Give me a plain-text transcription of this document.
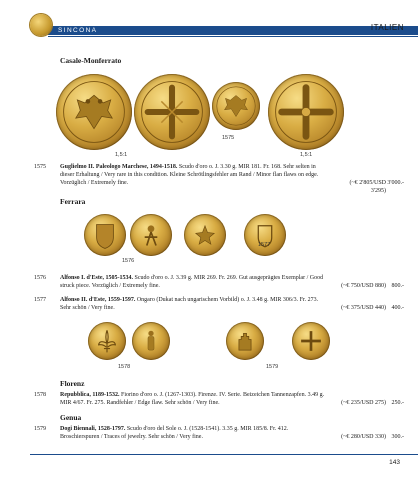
SINCONA	ITALIEN
Casale-Monferrato
1575
1,5:1	1,5:1
1575	Guglielmo II. Paleologo Marchese, 1494-1518. Scudo d'oro o. J. 3.30 g. MIR 181. Fr. 168. Sehr selten in
dieser Erhaltung / Very rare in this condition. Kleine Schrötlingsfehler am Rand / Minor flan flaws on edge.
Vorzüglich / Extremely fine.	(~€ 2'805/USD 3'295)
3'000.-
Ferrara
1576
1577
1576	Alfonso I. d'Este, 1505-1534. Scudo d'oro o. J. 3.39 g. MIR 269. Fr. 269. Gut ausgeprägtes Exemplar / Good
struck piece. Vorzüglich / Extremely fine.	(~€ 750/USD 880) 800.-
1577	Alfonso II. d'Este, 1559-1597. Ongaro (Dukat nach ungarischem Vorbild) o. J. 3.48 g. MIR 306/3. Fr. 273.
Sehr schön / Very fine.	(~€ 375/USD 440) 400.-
1578	1579
Florenz
1578	Repubblica, 1189-1532. Fiorino d'oro o. J. (1267-1303). Firenze. IV. Serie. Beizeichen Tannenzapfen. 3.49 g.
MIR 4/67. Fr. 275. Randfehler / Edge flaw. Sehr schön / Very fine.	(~€ 235/USD 275) 250.-
Genua
1579	Dogi Biennali, 1528-1797. Scudo d'oro del Sole o. J. (1528-1541). 3.35 g. MIR 185/8. Fr. 412.
Broschierspuren / Traces of jewelry. Sehr schön / Very fine.	(~€ 280/USD 330) 300.-
143
